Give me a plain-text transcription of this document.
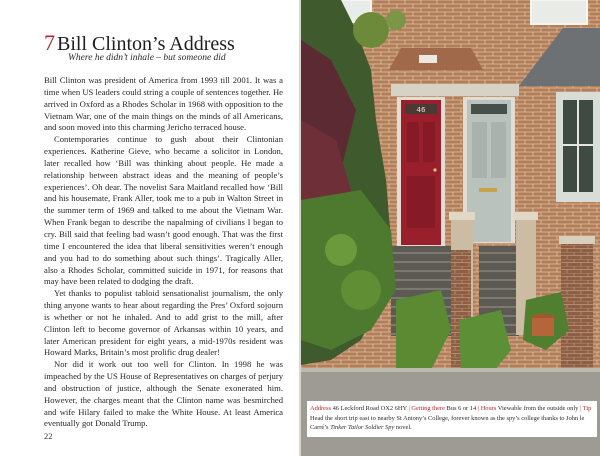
7 Bill Clinton’s Address
Where he didn’t inhale – but someone did

Bill Clinton was president of America from 1993 till 2001. It was a time when US leaders could string a couple of sentences together. He arrived in Oxford as a Rhodes Scholar in 1968 with opposition to the Vietnam War, one of the main things on the minds of all Americans, and soon moved into this charming Jericho terraced house.

Contemporaries continue to gush about their Clintonian experiences. Katherine Gieve, who became a solicitor in London, later recalled how ‘Bill was thinking about people. He made a relationship between abstract ideas and the meaning of people’s experiences’. Oh dear. The novelist Sara Maitland recalled how ‘Bill and his housemate, Frank Aller, took me to a pub in Walton Street in the summer term of 1969 and talked to me about the Vietnam War. When Frank began to describe the napalming of civilians I began to cry. Bill said that feeling bad wasn’t good enough. That was the first time I encountered the idea that liberal sensitivities weren’t enough and you had to do something about such things’. Tragically Aller, also a Rhodes Scholar, committed suicide in 1971, for reasons that may have been related to dodging the draft.

Yet thanks to populist tabloid sensationalist journalism, the only thing anyone wants to hear about regarding the Pres’ Oxford sojourn is whether or not he inhaled. And to add grist to the mill, after Clinton left to become governor of Arkansas within 10 years, and later American president for eight years, a mid-1970s resident was Howard Marks, Britain’s most prolific drug dealer!

Nor did it work out too well for Clinton. In 1998 he was impeached by the US House of Representatives on charges of perjury and obstruction of justice, although the Senate exonerated him. However, the charges meant that the Clinton name was besmirched and wife Hilary failed to make the White House. At least America eventually got Donald Trump.

22
46
Address 46 Leckford Road OX2 6HY | Getting there Bus 6 or 14 | Hours Viewable from the outside only | Tip Head the short trip east to nearby St Antony’s College, forever known as the spy’s college thanks to John le Carré’s Tinker Tailor Soldier Spy novel.
